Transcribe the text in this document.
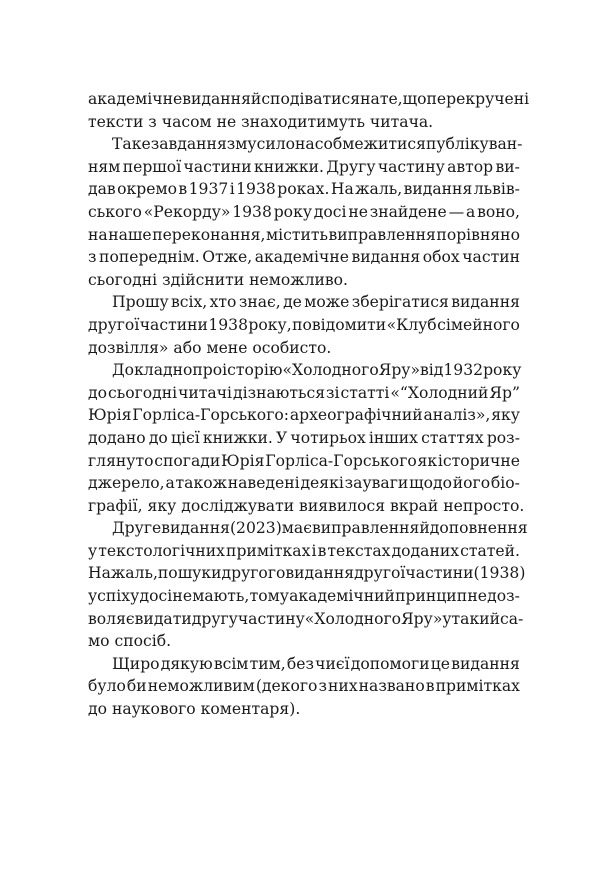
академічне видання й сподіватися на те, що перекручені
тексти з часом не знаходитимуть читача.
Таке завдання змусило нас обмежитися публікуван-
ням першої частини книжки. Другу частину автор ви-
дав окремо в 1937 і 1938 роках. На жаль, видання львів-
ського «Рекорду» 1938 року досі не знайдене — а воно,
на наше переконання, містить виправлення порівняно
з попереднім. Отже, академічне видання обох частин
сьогодні здійснити неможливо.
Прошу всіх, хто знає, де може зберігатися видання
другої частини 1938 року, повідомити «Клуб сімейного
дозвілля» або мене особисто.
Докладно про історію «Холодного Яру» від 1932 року
до сьогодні читачі дізнаються зі статті «“Холодний Яр”
Юрія Горліса-Горського: археографічний аналіз», яку
додано до цієї книжки. У чотирьох інших статтях роз-
глянуто спогади Юрія Горліса-Горського як історичне
джерело, а також наведені деякі зауваги щодо його біо-
графії, яку досліджувати виявилося вкрай непросто.
Друге видання (2023) має виправлення й доповнення
у текстологічних примітках і в текстах доданих статей.
На жаль, пошуки другого видання другої частини (1938)
успіху досі не мають, тому академічний принцип не доз-
воляє видати другу частину «Холодного Яру» у такий са-
мо спосіб.
Щиро дякую всім тим, без чиєї допомоги це видання
було би неможливим (декого з них названо в примітках
до наукового коментаря).
